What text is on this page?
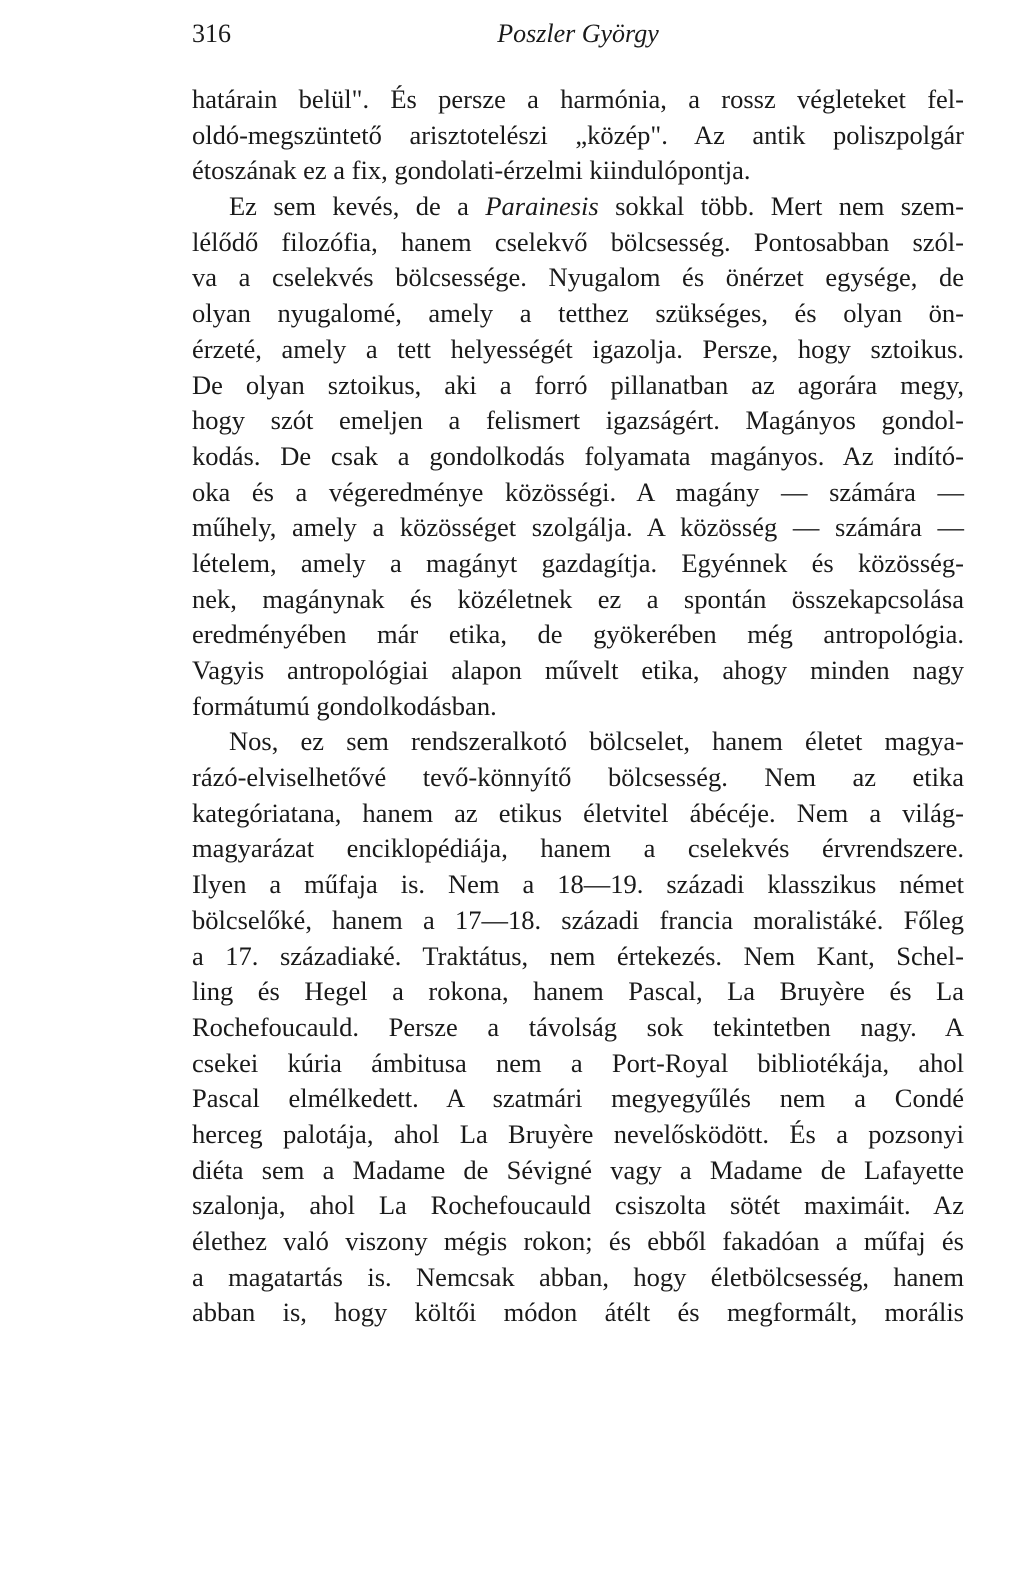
316	Poszler György
határain belül". És persze a harmónia, a rossz végleteket fel-
oldó-megszüntető arisztotelészi „közép". Az antik poliszpolgár
étoszának ez a fix, gondolati-érzelmi kiindulópontja.
Ez sem kevés, de a Parainesis sokkal több. Mert nem szem-
lélődő filozófia, hanem cselekvő bölcsesség. Pontosabban szól-
va a cselekvés bölcsessége. Nyugalom és önérzet egysége, de
olyan nyugalomé, amely a tetthez szükséges, és olyan ön-
érzeté, amely a tett helyességét igazolja. Persze, hogy sztoikus.
De olyan sztoikus, aki a forró pillanatban az agorára megy,
hogy szót emeljen a felismert igazságért. Magányos gondol-
kodás. De csak a gondolkodás folyamata magányos. Az indító-
oka és a végeredménye közösségi. A magány — számára —
műhely, amely a közösséget szolgálja. A közösség — számára —
lételem, amely a magányt gazdagítja. Egyénnek és közösség-
nek, magánynak és közéletnek ez a spontán összekapcsolása
eredményében már etika, de gyökerében még antropológia.
Vagyis antropológiai alapon művelt etika, ahogy minden nagy
formátumú gondolkodásban.
Nos, ez sem rendszeralkotó bölcselet, hanem életet magya-
rázó-elviselhetővé tevő-könnyítő bölcsesség. Nem az etika
kategóriatana, hanem az etikus életvitel ábécéje. Nem a világ-
magyarázat enciklopédiája, hanem a cselekvés érvrendszere.
Ilyen a műfaja is. Nem a 18—19. századi klasszikus német
bölcselőké, hanem a 17—18. századi francia moralistáké. Főleg
a 17. századiaké. Traktátus, nem értekezés. Nem Kant, Schel-
ling és Hegel a rokona, hanem Pascal, La Bruyère és La
Rochefoucauld. Persze a távolság sok tekintetben nagy. A
csekei kúria ámbitusa nem a Port-Royal bibliotékája, ahol
Pascal elmélkedett. A szatmári megyegyűlés nem a Condé
herceg palotája, ahol La Bruyère nevelősködött. És a pozsonyi
diéta sem a Madame de Sévigné vagy a Madame de Lafayette
szalonja, ahol La Rochefoucauld csiszolta sötét maximáit. Az
élethez való viszony mégis rokon; és ebből fakadóan a műfaj és
a magatartás is. Nemcsak abban, hogy életbölcsesség, hanem
abban is, hogy költői módon átélt és megformált, morális
